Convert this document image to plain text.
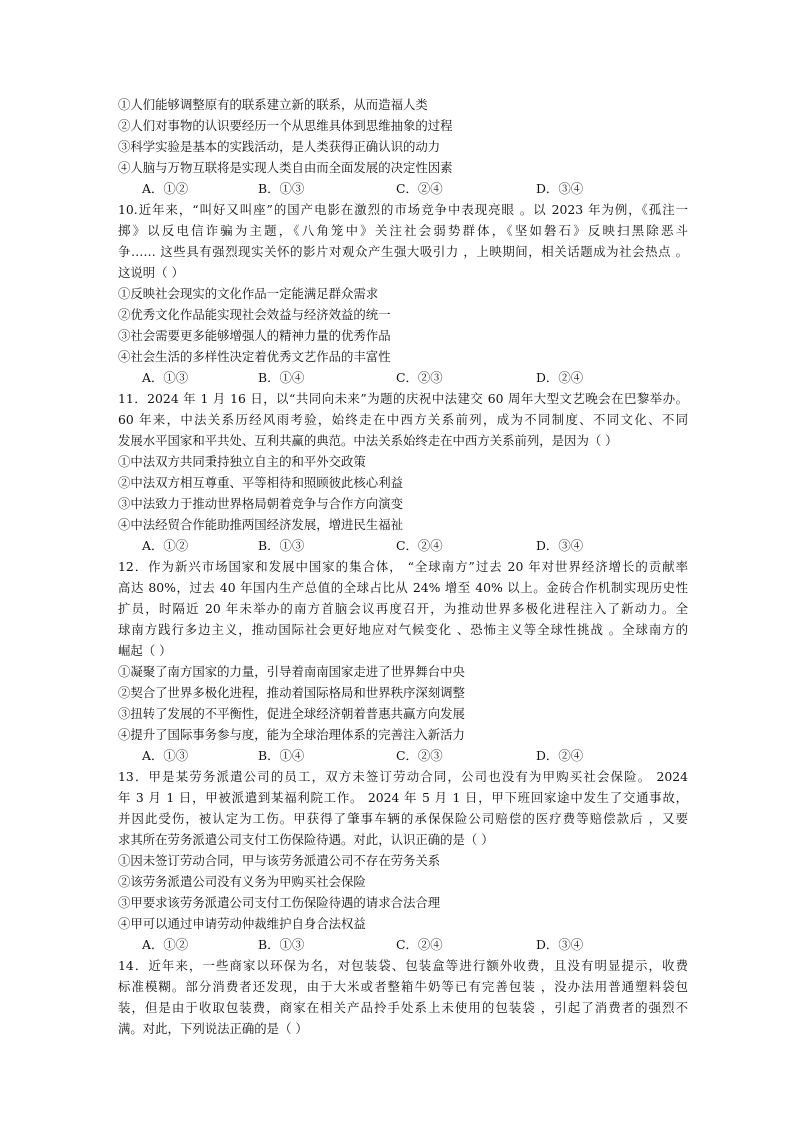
①人们能够调整原有的联系建立新的联系，从而造福人类
②人们对事物的认识要经历一个从思维具体到思维抽象的过程
③科学实验是基本的实践活动，是人类获得正确认识的动力
④人脑与万物互联将是实现人类自由而全面发展的决定性因素
A．①②	B．①③	C．②④	D．③④
10.近年来，“叫好又叫座”的国产电影在激烈的市场竞争中表现亮眼 。以 2023 年为例，《孤注一
掷》以反电信诈骗为主题，《八角笼中》关注社会弱势群体，《坚如磐石》反映扫黑除恶斗
争…… 这些具有强烈现实关怀的影片对观众产生强大吸引力 ，上映期间，相关话题成为社会热点 。
这说明（ ）
①反映社会现实的文化作品一定能满足群众需求
②优秀文化作品能实现社会效益与经济效益的统一
③社会需要更多能够增强人的精神力量的优秀作品
④社会生活的多样性决定着优秀文艺作品的丰富性
A．①③	B．①④	C．②③	D．②④
11．2024 年 1 月 16 日，以“共同向未来”为题的庆祝中法建交 60 周年大型文艺晚会在巴黎举办。
60 年来，中法关系历经风雨考验，始终走在中西方关系前列，成为不同制度、不同文化、不同
发展水平国家和平共处、互利共赢的典范。中法关系始终走在中西方关系前列，是因为（ ）
①中法双方共同秉持独立自主的和平外交政策
②中法双方相互尊重、平等相待和照顾彼此核心利益
③中法致力于推动世界格局朝着竞争与合作方向演变
④中法经贸合作能助推两国经济发展，增进民生福祉
A．①②	B．①③	C．②④	D．③④
12．作为新兴市场国家和发展中国家的集合体， “全球南方”过去 20 年对世界经济增长的贡献率
高达 80%，过去 40 年国内生产总值的全球占比从 24% 增至 40% 以上。金砖合作机制实现历史性
扩员，时隔近 20 年未举办的南方首脑会议再度召开，为推动世界多极化进程注入了新动力。全
球南方践行多边主义，推动国际社会更好地应对气候变化 、恐怖主义等全球性挑战 。全球南方的
崛起（ ）
①凝聚了南方国家的力量，引导着南南国家走进了世界舞台中央
②契合了世界多极化进程，推动着国际格局和世界秩序深刻调整
③扭转了发展的不平衡性，促进全球经济朝着普惠共赢方向发展
④提升了国际事务参与度，能为全球治理体系的完善注入新活力
A．①③	B．①④	C．②③	D．②④
13．甲是某劳务派遣公司的员工，双方未签订劳动合同，公司也没有为甲购买社会保险。 2024
年 3 月 1 日，甲被派遣到某福利院工作。 2024 年 5 月 1 日，甲下班回家途中发生了交通事故，
并因此受伤，被认定为工伤。甲获得了肇事车辆的承保保险公司赔偿的医疗费等赔偿款后 ，又要
求其所在劳务派遣公司支付工伤保险待遇。对此，认识正确的是（ ）
①因未签订劳动合同，甲与该劳务派遣公司不存在劳务关系
②该劳务派遣公司没有义务为甲购买社会保险
③甲要求该劳务派遣公司支付工伤保险待遇的请求合法合理
④甲可以通过申请劳动仲裁维护自身合法权益
A．①②	B．①③	C．②④	D．③④
14．近年来，一些商家以环保为名，对包装袋、包装盒等进行额外收费，且没有明显提示，收费
标准模糊。部分消费者还发现，由于大米或者整箱牛奶等已有完善包装 ，没办法用普通塑料袋包
装，但是由于收取包装费，商家在相关产品拎手处系上未使用的包装袋 ，引起了消费者的强烈不
满。对此，下列说法正确的是（ ）
